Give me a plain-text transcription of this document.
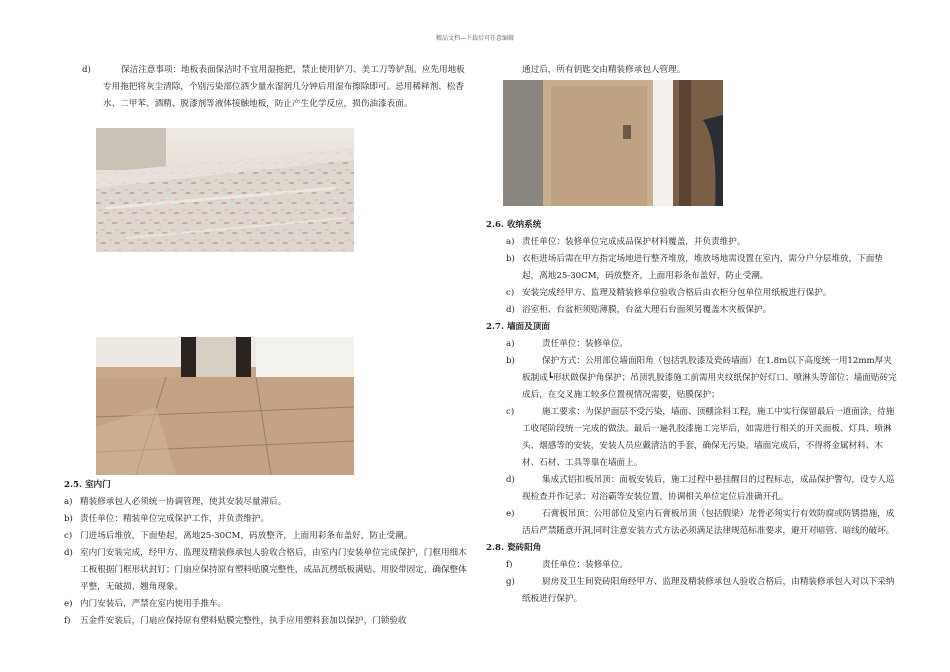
精品文档---下载后可任意编辑
d)	保洁注意事项：地板表面保洁时不宜用湿拖把，禁止使用铲刀、美工刀等铲刮。应先用地板专用拖把将灰尘清除，个别污染部位洒少量水湿润几分钟后用湿布擦除即可。忌用稀释剂、松香水、二甲苯、酒精、脱漆剂等液体接触地板，防止产生化学反应，损伤油漆表面。
2.5. 室内门
a) 精装修承包人必须统一协调管理，使其安装尽量滞后。
b) 责任单位：精装单位完成保护工作，并负责维护。
c) 门进场后堆放，下面垫起，离地25-30CM，码放整齐，上面用彩条布盖好，防止受潮。
d) 室内门安装完成，经甲方、监理及精装修承包人验收合格后，由室内门安装单位完成保护，门框用细木工板根据门框形状封钉；门扇应保持原有塑料贴膜完整性，成品瓦楞纸板满贴、用胶带固定，确保整体平整，无破损、翘角现象。
e) 内门安装后，严禁在室内使用手推车。
f) 五金件安装后，门扇应保持原有塑料贴膜完整性，执手应用塑料套加以保护，门锁验收

通过后，所有钥匙交由精装修承包人管理。

2.6. 收纳系统
a) 责任单位：装修单位完成成品保护材料覆盖，并负责维护。
b) 衣柜进场后需在甲方指定场地进行整齐堆放，堆放场地需设置在室内，需分户分层堆放，下面垫起，离地25-30CM，码放整齐，上面用彩条布盖好，防止受潮。
c) 安装完成经甲方、监理及精装修单位验收合格后由衣柜分包单位用纸板进行保护。
d) 浴室柜、台盆柜须贴薄膜，台盆大理石台面须另覆盖木夹板保护。
2.7. 墙面及顶面
a)	责任单位：装修单位。
b)	保护方式：公用部位墙面阳角（包括乳胶漆及瓷砖墙面）在1.8m以下高度统一用12mm厚夹板制成┗形状做保护角保护；吊顶乳胶漆施工前需用夹纹纸保护好灯口、喷淋头等部位；墙面贴砖完成后，在交叉施工较多位置视情况需要，贴膜保护；
c)	施工要求：为保护面层不受污染，墙面、顶棚涂料工程，施工中实行保留最后一道面涂，待施工收尾阶段统一完成的做法。最后一遍乳胶漆施工完毕后，如需进行相关的开关面板、灯具、喷淋头、烟感等的安装，安装人员应戴清洁的手套，确保无污染。墙面完成后，不得将金属材料、木材、石材、工具等靠在墙面上。
d)	集成式铝扣板吊顶：面板安装后，施工过程中悬挂醒目的过程标志，成品保护警句，设专人巡视检查并作记录；对浴霸等安装位置，协调相关单位定位后准确开孔。
e)	石膏板吊顶：公用部位及室内石膏板吊顶（包括假梁）龙骨必须实行有效防腐或防锈措施，成活后严禁随意开洞,同时注意安装方式方法必须满足法律规范标准要求，避开对暗管、暗线的破坏。
2.8. 瓷砖阳角
f)	责任单位：装修单位。
g)	厨房及卫生间瓷砖阳角经甲方、监理及精装修承包人验收合格后，由精装修承包人对以下采纳纸板进行保护。
